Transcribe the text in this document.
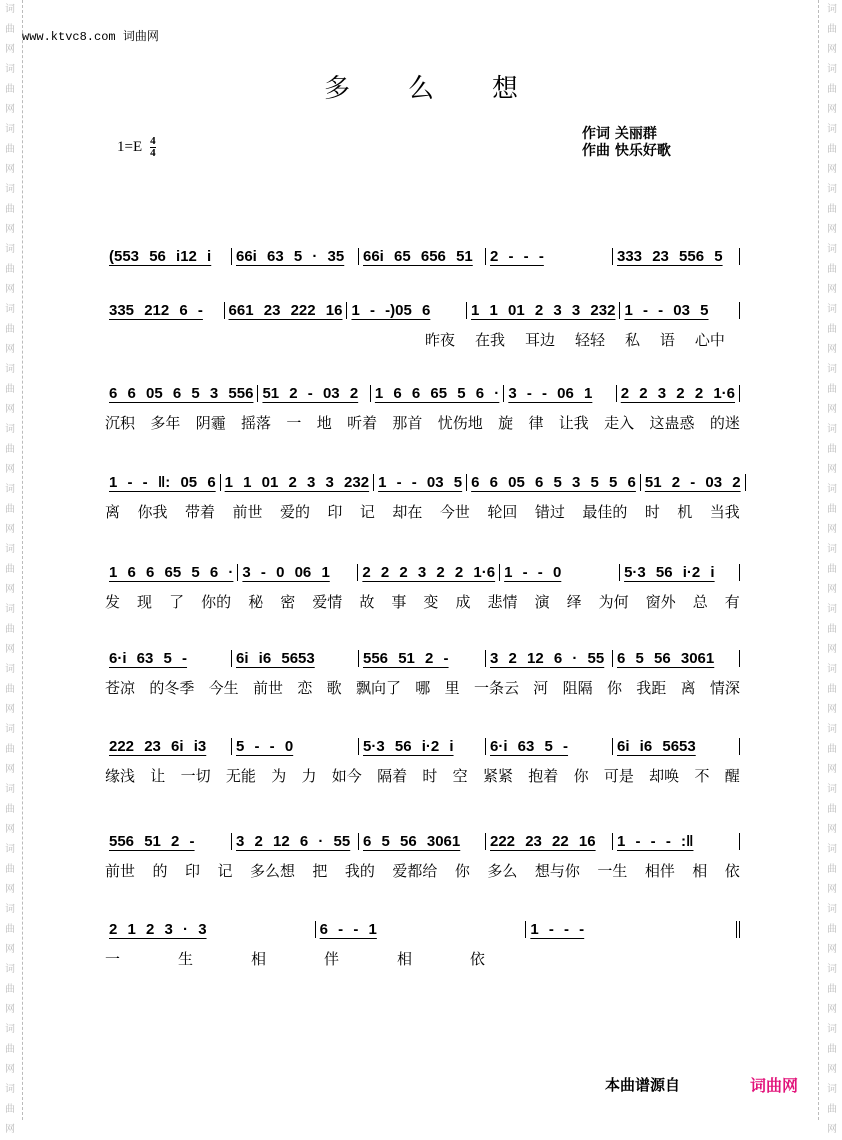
词
曲
网
词
曲
网
词
曲
网
词
曲
网
词
曲
网
词
曲
网
词
曲
网
词
曲
网
词
曲
网
词
曲
网
词
曲
网
词
曲
网
词
曲
网
词
曲
网
词
曲
网
词
曲
网
词
曲
网
词
曲
网
词
曲
网
词
曲
网
词
曲
网
词
曲
网
词
曲
网
词
曲
网
词
曲
网
词
曲
网
词
曲
网
词
曲
网
词
曲
网
词
曲
网
词
曲
网
词
曲
网
词
曲
网
词
曲
网
词
曲
网
词
曲
网
词
曲
网
词
曲
网
www.ktvc8.com 词曲网
多么想
$1=E \frac{4}{4}$
作词 关丽群
作曲 快乐好歌
(553 56 i12 i	66i 63 5 · 35	66i 65 656 51	2 - - -	333 23 556 5
335 212 6 -	661 23 222 16 1 - -)05 6	1 1 01 2 3 3 232 1 - - 03 5
昨夜 在我 耳边 轻轻 私 语 心中
6 6 05 6 5 3 556 51 2 - 03 2	1 6 6 65 5 6 · 3 - - 06 1	2 2 3 2 2 1·6
沉积 多年 阴霾 摇落 一 地 听着 那首 忧伤地 旋 律 让我 走入 这蛊惑 的迷
1 - - ‖: 05 6 1 1 01 2 3 3 232 1 - - 03 5 6 6 05 6 5 3 5 5 6 51 2 - 03 2
离 你我 带着 前世 爱的 印 记 却在 今世 轮回 错过 最佳的 时 机 当我
1 6 6 65 5 6 · 3 - 0 06 1	2 2 2 3 2 2 1·6 1 - - 0	5·3 56 i·2 i
发 现 了 你的 秘 密 爱情 故 事 变 成 悲情 演 绎 为何 窗外 总 有
6·i 63 5 -	6i i6 5653	556 51 2 -	3 2 12 6 · 55 6 5 56 3061
苍凉 的冬季 今生 前世 恋 歌 飘向了 哪 里 一条云 河 阻隔 你 我距 离 情深
222 23 6i i3	5 - - 0	5·3 56 i·2 i	6·i 63 5 -	6i i6 5653
缘浅 让 一切 无能 为 力 如今 隔着 时 空 紧紧 抱着 你 可是 却唤 不 醒
556 51 2 -	3 2 12 6 · 55 6 5 56 3061	222 23 22 16	1 - - - :‖
前世 的 印 记 多么想 把 我的 爱都给 你 多么 想与你 一生 相伴 相 依
2 1 2 3 · 3	6 - - 1	1 - - -
一	生	相	伴	相	依
本曲谱源自	词曲网
